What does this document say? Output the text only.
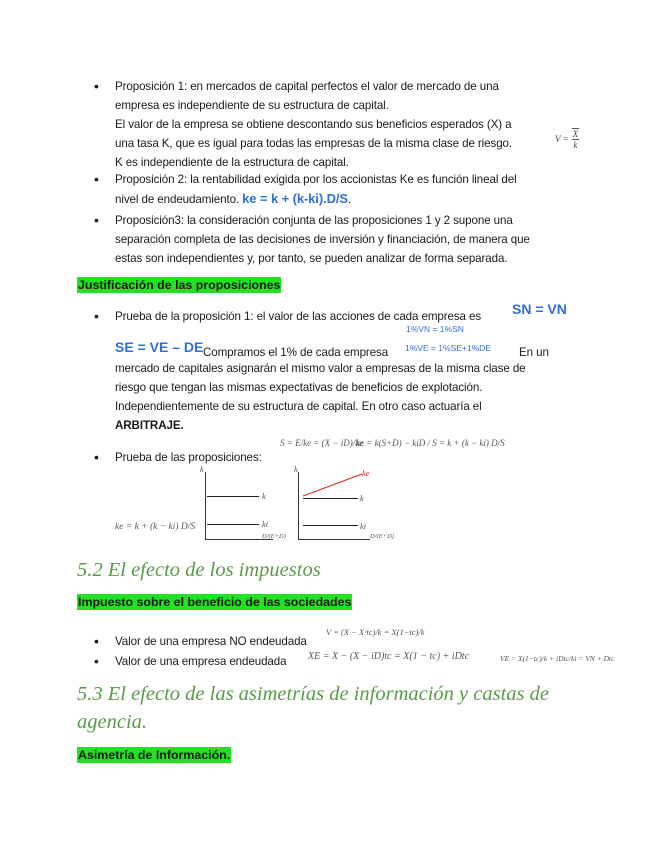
• Proposición 1: en mercados de capital perfectos el valor de mercado de una
empresa es independiente de su estructura de capital.
El valor de la empresa se obtiene descontando sus beneficios esperados (X) a
una tasa K, que es igual para todas las empresas de la misma clase de riesgo.
K es independiente de la estructura de capital.
$V = \frac{X}{k}$
• Proposición 2: la rentabilidad exigida por los accionistas Ke es función lineal del
nivel de endeudamiento. ke = k + (k-ki).D/S.
• Proposición3: la consideración conjunta de las proposiciones 1 y 2 supone una
separación completa de las decisiones de inversión y financiación, de manera que
estas son independientes y, por tanto, se pueden analizar de forma separada.
Justificación de las proposiciones
• Prueba de la proposición 1: el valor de las acciones de cada empresa es SN = VN
1%VN = 1%SN
SE = VE – DE Compramos el 1% de cada empresa 1%VE = 1%SE+1%DE En un
mercado de capitales asignarán el mismo valor a empresas de la misma clase de
riesgo que tengan las mismas expectativas de beneficios de explotación.
Independientemente de su estructura de capital. En otro caso actuaría el
ARBITRAJE.
• Prueba de las proposiciones:
S = E/ke = (X − iD)/ke
ke = k(S+D) − kiD / S = k + (k − ki) D/S
k
k
ki
D/(E+D)
ke = k + (k − ki) D/S
k	ke
k
ki
D/(E+D)
5.2 El efecto de los impuestos
Impuesto sobre el beneficio de las sociedades
• Valor de una empresa NO endeudada
V = (X − X·tc)/k = X(1−tc)/k
• Valor de una empresa endeudada XE = X − (X − iD)tc = X(1 − tc) + iDtc	VE = X(1−tc)/k + iDtc/ki = VN + Dtc
5.3 El efecto de las asimetrías de información y castas de
agencia.
Asimetría de Información.
